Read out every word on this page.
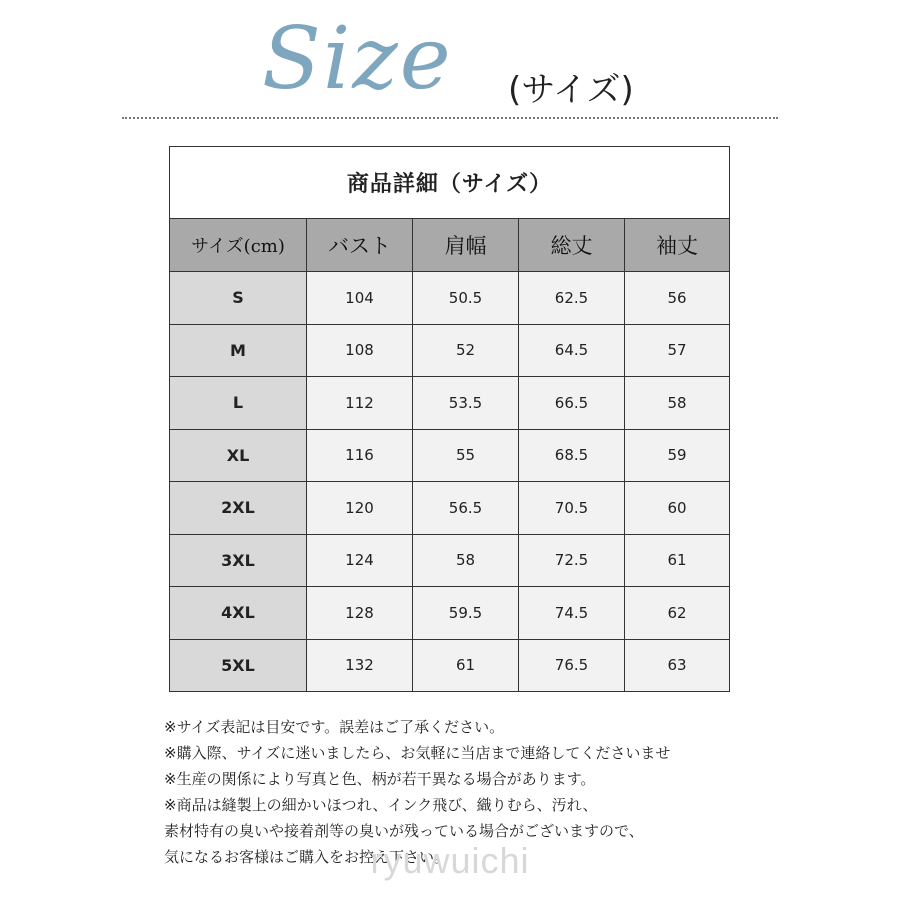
Size (サイズ)
商品詳細（サイズ）				
サイズ(cm)	バスト	肩幅	総丈	袖丈
S	104	50.5	62.5	56
M	108	52	64.5	57
L	112	53.5	66.5	58
XL	116	55	68.5	59
2XL	120	56.5	70.5	60
3XL	124	58	72.5	61
4XL	128	59.5	74.5	62
5XL	132	61	76.5	63
※サイズ表記は目安です。誤差はご了承ください。
※購入際、サイズに迷いましたら、お気軽に当店まで連絡してくださいませ
※生産の関係により写真と色、柄が若干異なる場合があります。
※商品は縫製上の細かいほつれ、インク飛び、織りむら、汚れ、
素材特有の臭いや接着剤等の臭いが残っている場合がございますので、
気になるお客様はご購入をお控え下さい。
ryuwuichi
